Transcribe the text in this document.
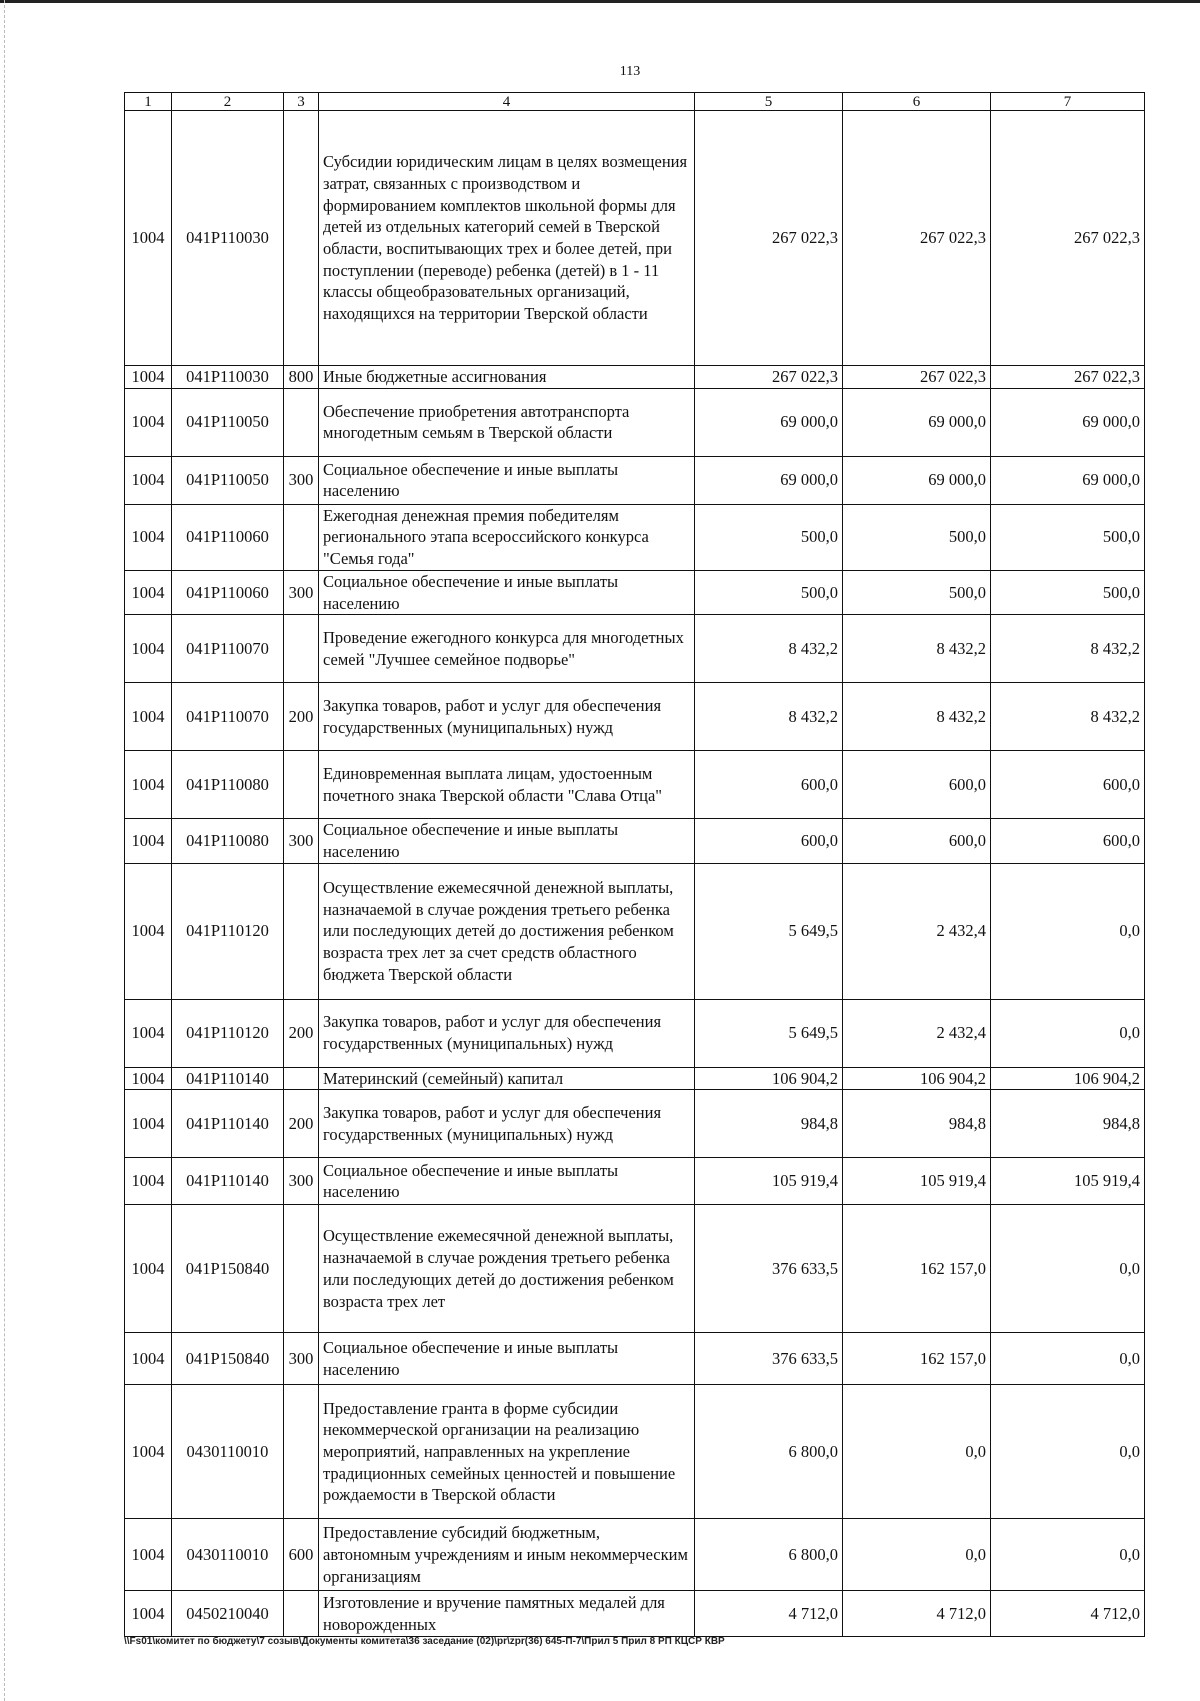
113
1	2	3	4	5	6	7
1004	041P110030		Субсидии юридическим лицам в целях возмещения затрат, связанных с производством и формированием комплектов школьной формы для детей из отдельных категорий семей в Тверской области, воспитывающих трех и более детей, при поступлении (переводе) ребенка (детей) в 1 - 11 классы общеобразовательных организаций, находящихся на территории Тверской области	267 022,3	267 022,3	267 022,3
1004	041P110030	800	Иные бюджетные ассигнования	267 022,3	267 022,3	267 022,3
1004	041P110050		Обеспечение приобретения автотранспорта многодетным семьям в Тверской области	69 000,0	69 000,0	69 000,0
1004	041P110050	300	Социальное обеспечение и иные выплаты населению	69 000,0	69 000,0	69 000,0
1004	041P110060		Ежегодная денежная премия победителям регионального этапа всероссийского конкурса "Семья года"	500,0	500,0	500,0
1004	041P110060	300	Социальное обеспечение и иные выплаты населению	500,0	500,0	500,0
1004	041P110070		Проведение ежегодного конкурса для многодетных семей "Лучшее семейное подворье"	8 432,2	8 432,2	8 432,2
1004	041P110070	200	Закупка товаров, работ и услуг для обеспечения государственных (муниципальных) нужд	8 432,2	8 432,2	8 432,2
1004	041P110080		Единовременная выплата лицам, удостоенным почетного знака Тверской области "Слава Отца"	600,0	600,0	600,0
1004	041P110080	300	Социальное обеспечение и иные выплаты населению	600,0	600,0	600,0
1004	041P110120		Осуществление ежемесячной денежной выплаты, назначаемой в случае рождения третьего ребенка или последующих детей до достижения ребенком возраста трех лет за счет средств областного бюджета Тверской области	5 649,5	2 432,4	0,0
1004	041P110120	200	Закупка товаров, работ и услуг для обеспечения государственных (муниципальных) нужд	5 649,5	2 432,4	0,0
1004	041P110140		Материнский (семейный) капитал	106 904,2	106 904,2	106 904,2
1004	041P110140	200	Закупка товаров, работ и услуг для обеспечения государственных (муниципальных) нужд	984,8	984,8	984,8
1004	041P110140	300	Социальное обеспечение и иные выплаты населению	105 919,4	105 919,4	105 919,4
1004	041P150840		Осуществление ежемесячной денежной выплаты, назначаемой в случае рождения третьего ребенка или последующих детей до достижения ребенком возраста трех лет	376 633,5	162 157,0	0,0
1004	041P150840	300	Социальное обеспечение и иные выплаты населению	376 633,5	162 157,0	0,0
1004	0430110010		Предоставление гранта в форме субсидии некоммерческой организации на реализацию мероприятий, направленных на укрепление традиционных семейных ценностей и повышение рождаемости в Тверской области	6 800,0	0,0	0,0
1004	0430110010	600	Предоставление субсидий бюджетным, автономным учреждениям и иным некоммерческим организациям	6 800,0	0,0	0,0
1004	0450210040		Изготовление и вручение памятных медалей для новорожденных	4 712,0	4 712,0	4 712,0
\\Fs01\комитет по бюджету\7 созыв\Документы комитета\36 заседание (02)\pr\zpr(36) 645-П-7\Прил 5 Прил 8 РП КЦСР КВР
